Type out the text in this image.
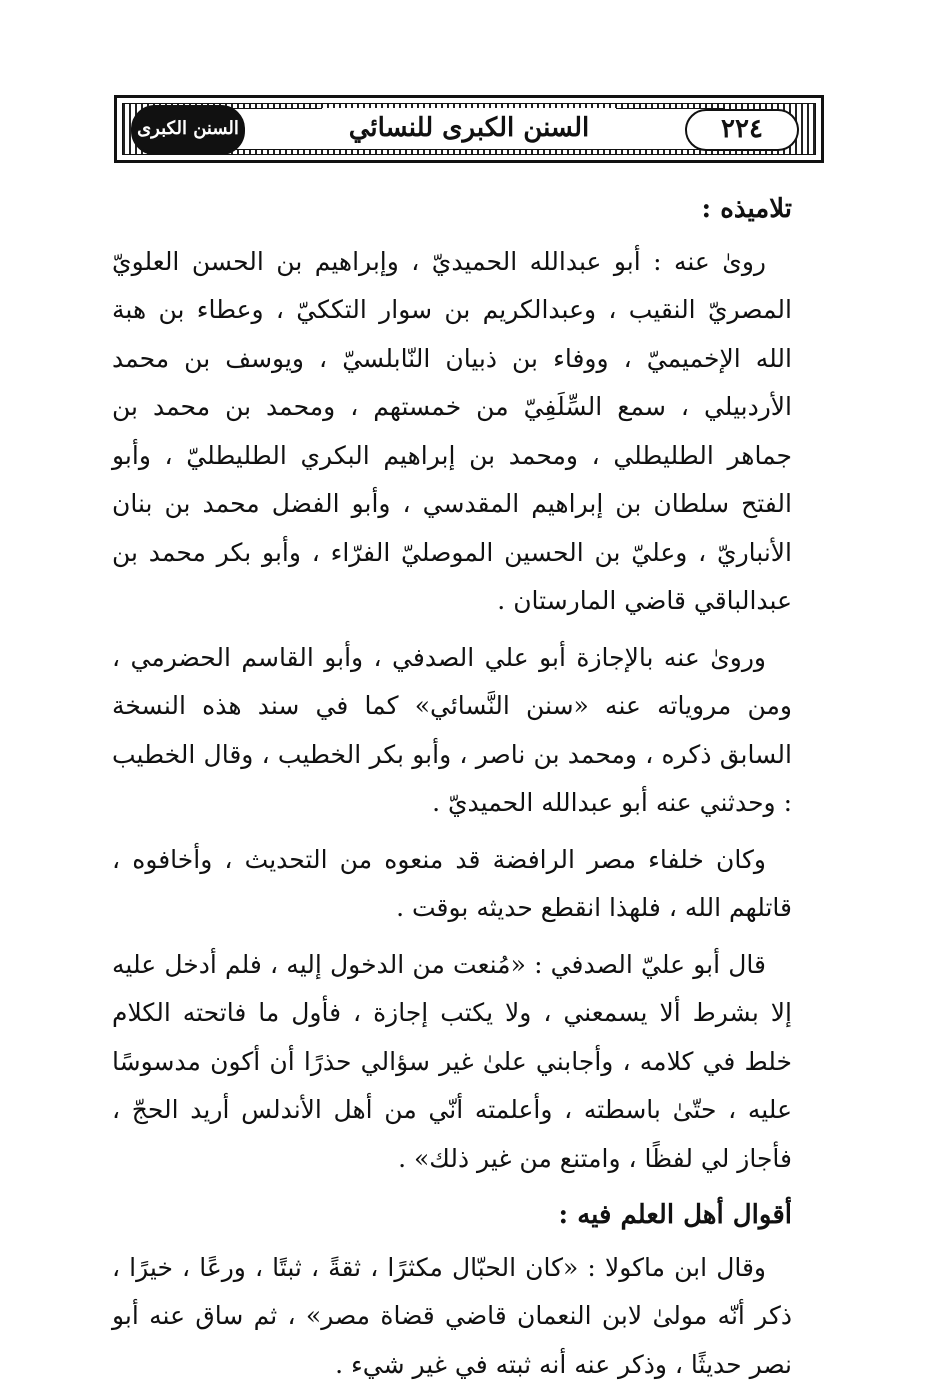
السنن الكبرى	السنن الكبرى للنسائي	٢٢٤
تلاميذه :

روىٰ عنه : أبو عبدالله الحميديّ ، وإبراهيم بن الحسن العلويّ المصريّ النقيب ، وعبدالكريم بن سوار التككيّ ، وعطاء بن هبة الله الإخميميّ ، ووفاء بن ذبيان النّابلسيّ ، ويوسف بن محمد الأردبيلي ، سمع السِّلَفِيّ من خمستهم ، ومحمد بن محمد بن جماهر الطليطلي ، ومحمد بن إبراهيم البكري الطليطليّ ، وأبو الفتح سلطان بن إبراهيم المقدسي ، وأبو الفضل محمد بن بنان الأنباريّ ، وعليّ بن الحسين الموصليّ الفرّاء ، وأبو بكر محمد بن عبدالباقي قاضي المارستان .

وروىٰ عنه بالإجازة أبو علي الصدفي ، وأبو القاسم الحضرمي ، ومن مروياته عنه «سنن النَّسائي» كما في سند هذه النسخة السابق ذكره ، ومحمد بن ناصر ، وأبو بكر الخطيب ، وقال الخطيب : وحدثني عنه أبو عبدالله الحميديّ .

وكان خلفاء مصر الرافضة قد منعوه من التحديث ، وأخافوه ، قاتلهم الله ، فلهذا انقطع حديثه بوقت .

قال أبو عليّ الصدفي : «مُنعت من الدخول إليه ، فلم أدخل عليه إلا بشرط ألا يسمعني ، ولا يكتب إجازة ، فأول ما فاتحته الكلام خلط في كلامه ، وأجابني علىٰ غير سؤالي حذرًا أن أكون مدسوسًا عليه ، حتّىٰ باسطته ، وأعلمته أنّي من أهل الأندلس أريد الحجّ ، فأجاز لي لفظًا ، وامتنع من غير ذلك» .

أقوال أهل العلم فيه :

وقال ابن ماكولا : «كان الحبّال مكثرًا ، ثقةً ، ثبتًا ، ورعًا ، خيرًا ، ذكر أنّه مولىٰ لابن النعمان قاضي قضاة مصر» ، ثم ساق عنه أبو نصر حديثًا ، وذكر عنه أنه ثبته في غير شيء .
